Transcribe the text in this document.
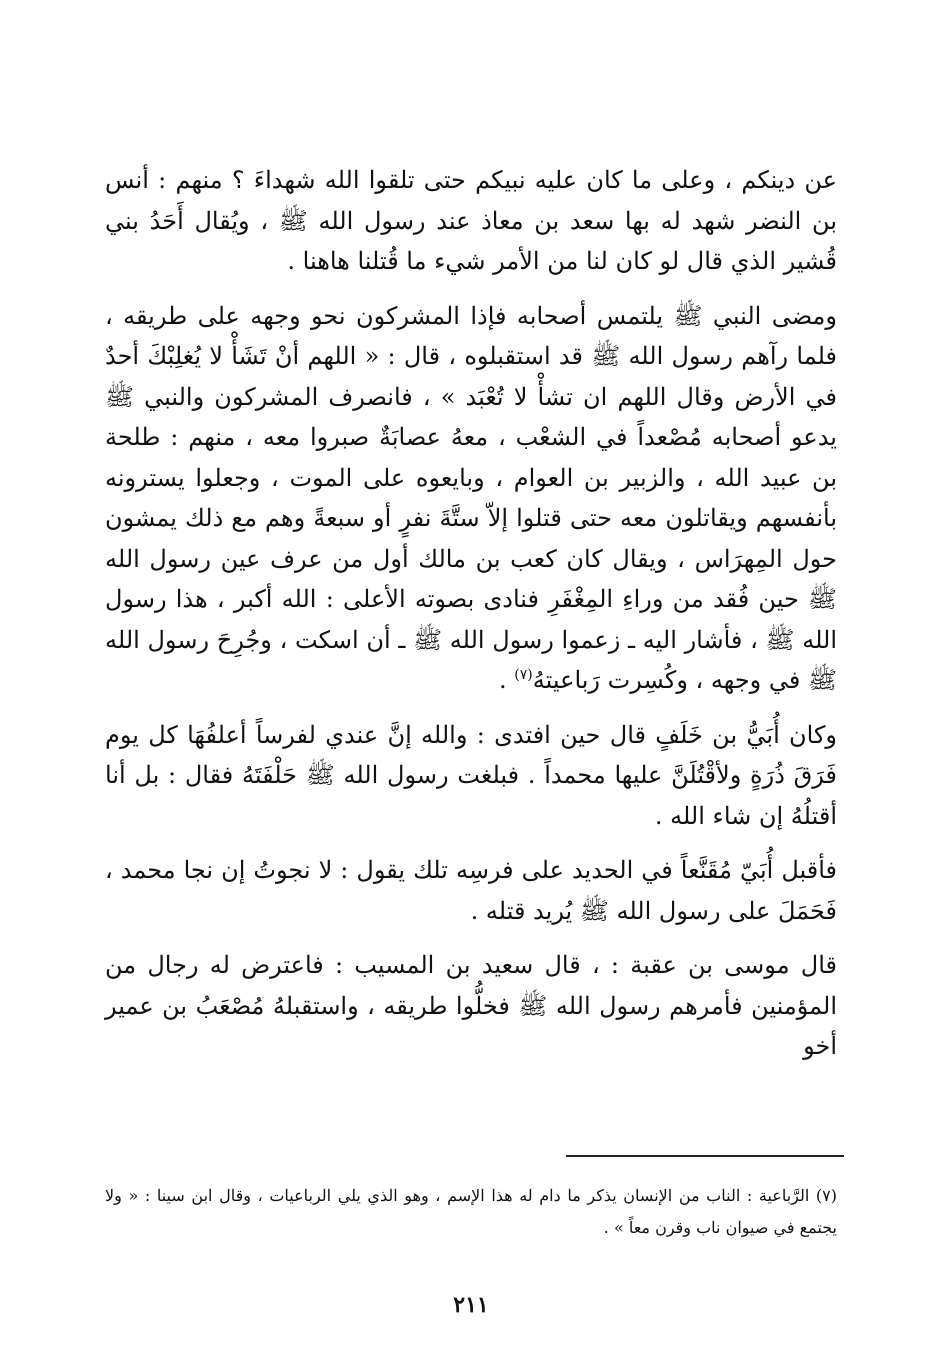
عن دينكم ، وعلى ما كان عليه نبيكم حتى تلقوا الله شهداءَ ؟ منهم : أنس بن النضر شهد له بها سعد بن معاذ عند رسول الله ﷺ ، ويُقال أَحَدُ بني قُشير الذي قال لو كان لنا من الأمر شيء ما قُتلنا هاهنا .

ومضى النبي ﷺ يلتمس أصحابه فإذا المشركون نحو وجهه على طريقه ، فلما رآهم رسول الله ﷺ قد استقبلوه ، قال : « اللهم أنْ تَشَأْ لا يُغلِبْكَ أحدٌ في الأرض وقال اللهم ان تشأْ لا تُعْبَد » ، فانصرف المشركون والنبي ﷺ يدعو أصحابه مُصْعداً في الشعْب ، معهُ عصابَةٌ صبروا معه ، منهم : طلحة بن عبيد الله ، والزبير بن العوام ، وبايعوه على الموت ، وجعلوا يسترونه بأنفسهم ويقاتلون معه حتى قتلوا إلاّ ستَّةَ نفرٍ أو سبعةً وهم مع ذلك يمشون حول المِهرَاس ، ويقال كان كعب بن مالك أول من عرف عين رسول الله ﷺ حين فُقد من وراءِ المِغْفَرِ فنادى بصوته الأعلى : الله أكبر ، هذا رسول الله ﷺ ، فأشار اليه ـ زعموا رسول الله ﷺ ـ أن اسكت ، وجُرِحَ رسول الله ﷺ في وجهه ، وكُسِرت رَباعيتهُ$^{(٧)}$ .

وكان أُبَيُّ بن خَلَفٍ قال حين افتدى : والله إنَّ عندي لفرساً أعلفُهَا كل يوم فَرَقَ ذُرَةٍ ولأقْتُلَنَّ عليها محمداً . فبلغت رسول الله ﷺ حَلْفَتَهُ فقال : بل أنا أقتلُهُ إن شاء الله .

فأقبل أُبَيّ مُقَنَّعاً في الحديد على فرسِه تلك يقول : لا نجوتُ إن نجا محمد ، فَحَمَلَ على رسول الله ﷺ يُريد قتله .

قال موسى بن عقبة : ، قال سعيد بن المسيب : فاعترض له رجال من المؤمنين فأمرهم رسول الله ﷺ فخلُّوا طريقه ، واستقبلهُ مُصْعَبُ بن عمير أخو

(٧) الرَّباعية : الناب من الإنسان يذكر ما دام له هذا الإسم ، وهو الذي يلي الرباعيات ، وقال ابن سينا : « ولا يجتمع في صيوان ناب وقرن معاً » .
٢١١
